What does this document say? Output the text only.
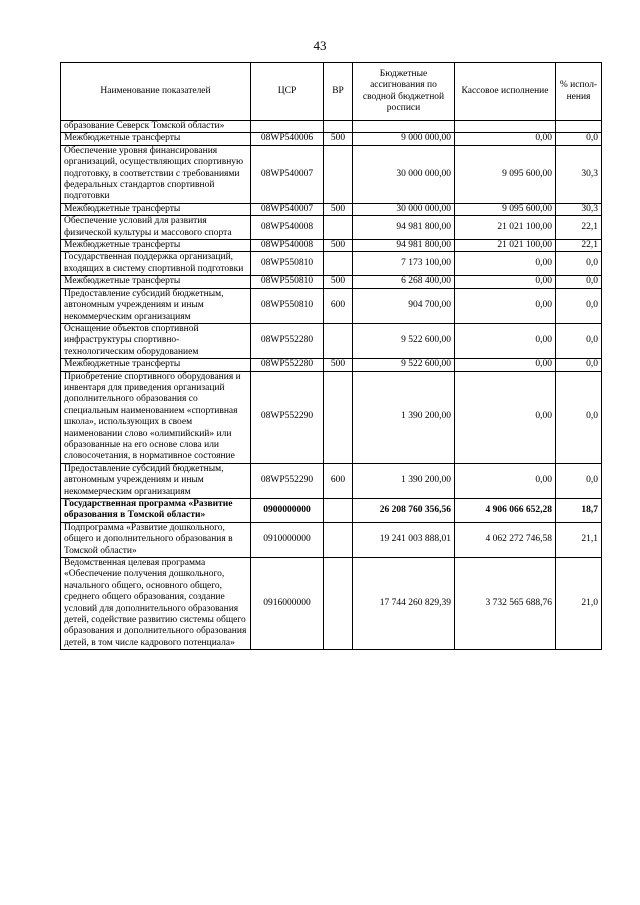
43
Наименование показателей	ЦСР	ВР	Бюджетные ассигнования по сводной бюджетной росписи	Кассовое исполнение	% испол-нения
образование Северск Томской области»					
Межбюджетные трансферты	08WP540006	500	9 000 000,00	0,00	0,0
Обеспечение уровня финансирования организаций, осуществляющих спортивную подготовку, в соответствии с требованиями федеральных стандартов спортивной подготовки	08WP540007		30 000 000,00	9 095 600,00	30,3
Межбюджетные трансферты	08WP540007	500	30 000 000,00	9 095 600,00	30,3
Обеспечение условий для развития физической культуры и массового спорта	08WP540008		94 981 800,00	21 021 100,00	22,1
Межбюджетные трансферты	08WP540008	500	94 981 800,00	21 021 100,00	22,1
Государственная поддержка организаций, входящих в систему спортивной подготовки	08WP550810		7 173 100,00	0,00	0,0
Межбюджетные трансферты	08WP550810	500	6 268 400,00	0,00	0,0
Предоставление субсидий бюджетным, автономным учреждениям и иным некоммерческим организациям	08WP550810	600	904 700,00	0,00	0,0
Оснащение объектов спортивной инфраструктуры спортивно-технологическим оборудованием	08WP552280		9 522 600,00	0,00	0,0
Межбюджетные трансферты	08WP552280	500	9 522 600,00	0,00	0,0
Приобретение спортивного оборудования и инвентаря для приведения организаций дополнительного образования со специальным наименованием «спортивная школа», использующих в своем наименовании слово «олимпийский» или образованные на его основе слова или словосочетания, в нормативное состояние	08WP552290		1 390 200,00	0,00	0,0
Предоставление субсидий бюджетным, автономным учреждениям и иным некоммерческим организациям	08WP552290	600	1 390 200,00	0,00	0,0
Государственная программа «Развитие образования в Томской области»	0900000000		26 208 760 356,56	4 906 066 652,28	18,7
Подпрограмма «Развитие дошкольного, общего и дополнительного образования в Томской области»	0910000000		19 241 003 888,01	4 062 272 746,58	21,1
Ведомственная целевая программа «Обеспечение получения дошкольного, начального общего, основного общего, среднего общего образования, создание условий для дополнительного образования детей, содействие развитию системы общего образования и дополнительного образования детей, в том числе кадрового потенциала»	0916000000		17 744 260 829,39	3 732 565 688,76	21,0
